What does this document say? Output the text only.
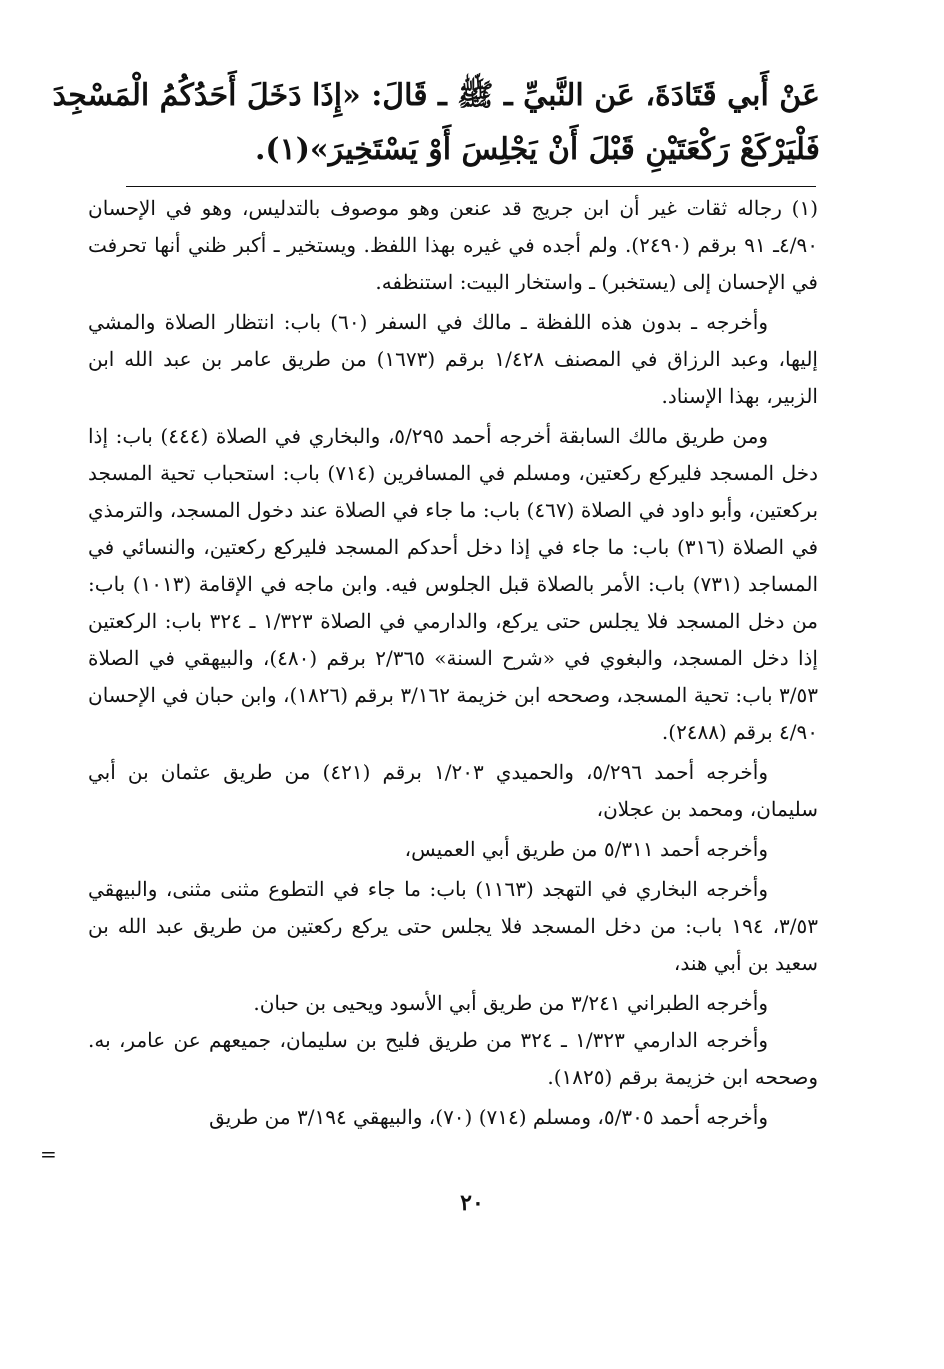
عَنْ أَبي قَتَادَةَ، عَن النَّبيِّ ـ ﷺ ـ قَالَ: «إِذَا دَخَلَ أَحَدُكُمُ الْمَسْجِدَ
فَلْيَرْكَعْ رَكْعَتَيْنِ قَبْلَ أَنْ يَجْلِسَ أَوْ يَسْتَخِيرَ»(١).

(١) رجاله ثقات غير أن ابن جريج قد عنعن وهو موصوف بالتدليس، وهو في الإحسان ٤/٩٠ـ ٩١ برقم (٢٤٩٠). ولم أجده في غيره بهذا اللفظ. ويستخير ـ أكبر ظني أنها تحرفت في الإحسان إلى (يستخبر) ـ واستخار البيت: استنظفه.

وأخرجه ـ بدون هذه اللفظة ـ مالك في السفر (٦٠) باب: انتظار الصلاة والمشي إليها، وعبد الرزاق في المصنف ١/٤٢٨ برقم (١٦٧٣) من طريق عامر بن عبد الله ابن الزبير، بهذا الإسناد.

ومن طريق مالك السابقة أخرجه أحمد ٥/٢٩٥، والبخاري في الصلاة (٤٤٤) باب: إذا دخل المسجد فليركع ركعتين، ومسلم في المسافرين (٧١٤) باب: استحباب تحية المسجد بركعتين، وأبو داود في الصلاة (٤٦٧) باب: ما جاء في الصلاة عند دخول المسجد، والترمذي في الصلاة (٣١٦) باب: ما جاء في إذا دخل أحدكم المسجد فليركع ركعتين، والنسائي في المساجد (٧٣١) باب: الأمر بالصلاة قبل الجلوس فيه. وابن ماجه في الإقامة (١٠١٣) باب: من دخل المسجد فلا يجلس حتى يركع، والدارمي في الصلاة ١/٣٢٣ ـ ٣٢٤ باب: الركعتين إذا دخل المسجد، والبغوي في «شرح السنة» ٢/٣٦٥ برقم (٤٨٠)، والبيهقي في الصلاة ٣/٥٣ باب: تحية المسجد، وصححه ابن خزيمة ٣/١٦٢ برقم (١٨٢٦)، وابن حبان في الإحسان ٤/٩٠ برقم (٢٤٨٨).

وأخرجه أحمد ٥/٢٩٦، والحميدي ١/٢٠٣ برقم (٤٢١) من طريق عثمان بن أبي سليمان، ومحمد بن عجلان،

وأخرجه أحمد ٥/٣١١ من طريق أبي العميس،

وأخرجه البخاري في التهجد (١١٦٣) باب: ما جاء في التطوع مثنى مثنى، والبيهقي ٣/٥٣، ١٩٤ باب: من دخل المسجد فلا يجلس حتى يركع ركعتين من طريق عبد الله بن سعيد بن أبي هند،

وأخرجه الطبراني ٣/٢٤١ من طريق أبي الأسود ويحيى بن حبان.

وأخرجه الدارمي ١/٣٢٣ ـ ٣٢٤ من طريق فليح بن سليمان، جميعهم عن عامر، به. وصححه ابن خزيمة برقم (١٨٢٥).

وأخرجه أحمد ٥/٣٠٥، ومسلم (٧١٤) (٧٠)، والبيهقي ٣/١٩٤ من طريق

=
٢٠
